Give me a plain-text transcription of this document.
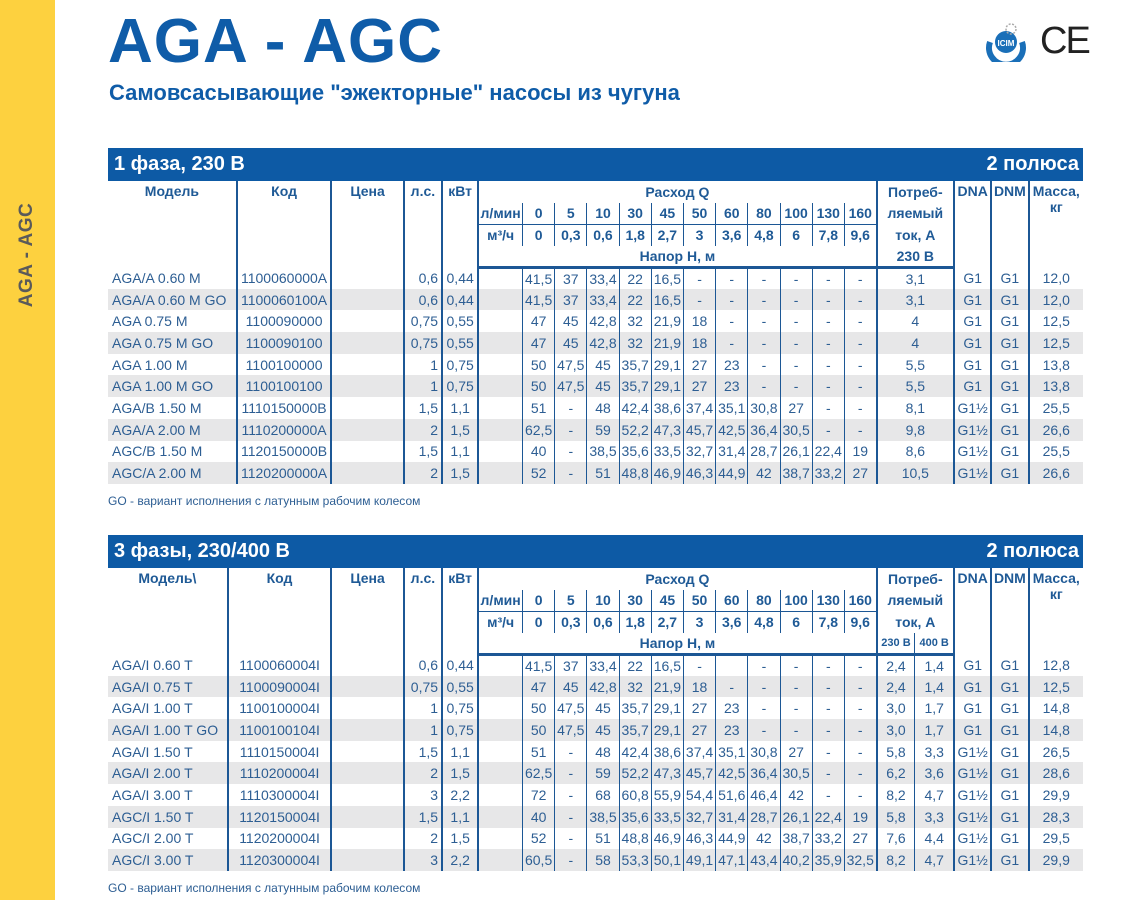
AGA - AGC
AGA - AGC
Самовсасывающие "эжекторные" насосы из чугуна
ICIM CE
1 фаза, 230 В	2 полюса
Модель	Код	Цена	л.с.	кВт	Расход Q												Потреб-	DNA	DNM	Масса,
кг
					л/мин	0	5	10	30	45	50	60	80	100	130	160	ляемый			
					м³/ч	0	0,3	0,6	1,8	2,7	3	3,6	4,8	6	7,8	9,6	ток, А			
					Напор Н, м												230 В			
AGA/A 0.60 M	1100060000A		0,6	0,44		41,5	37	33,4	22	16,5	-	-	-	-	-	-	3,1	G1	G1	12,0
AGA/A 0.60 M GO	1100060100A		0,6	0,44		41,5	37	33,4	22	16,5	-	-	-	-	-	-	3,1	G1	G1	12,0
AGA 0.75 M	1100090000		0,75	0,55		47	45	42,8	32	21,9	18	-	-	-	-	-	4	G1	G1	12,5
AGA 0.75 M GO	1100090100		0,75	0,55		47	45	42,8	32	21,9	18	-	-	-	-	-	4	G1	G1	12,5
AGA 1.00 M	1100100000		1	0,75		50	47,5	45	35,7	29,1	27	23	-	-	-	-	5,5	G1	G1	13,8
AGA 1.00 M GO	1100100100		1	0,75		50	47,5	45	35,7	29,1	27	23	-	-	-	-	5,5	G1	G1	13,8
AGA/B 1.50 M	1110150000B		1,5	1,1		51	-	48	42,4	38,6	37,4	35,1	30,8	27	-	-	8,1	G1½	G1	25,5
AGA/A 2.00 M	1110200000A		2	1,5		62,5	-	59	52,2	47,3	45,7	42,5	36,4	30,5	-	-	9,8	G1½	G1	26,6
AGC/B 1.50 M	1120150000B		1,5	1,1		40	-	38,5	35,6	33,5	32,7	31,4	28,7	26,1	22,4	19	8,6	G1½	G1	25,5
AGC/A 2.00 M	1120200000A		2	1,5		52	-	51	48,8	46,9	46,3	44,9	42	38,7	33,2	27	10,5	G1½	G1	26,6
GO - вариант исполнения с латунным рабочим колесом
3 фазы, 230/400 В	2 полюса
Модель\	Код	Цена	л.с.	кВт	Расход Q												Потреб-		DNA	DNM	Масса,
кг
					л/мин	0	5	10	30	45	50	60	80	100	130	160	ляемый				
					м³/ч	0	0,3	0,6	1,8	2,7	3	3,6	4,8	6	7,8	9,6	ток, А				
					Напор Н, м												230 В	400 В			
AGA/I 0.60 T	1100060004I		0,6	0,44		41,5	37	33,4	22	16,5	-		-	-	-	-	2,4	1,4	G1	G1	12,8
AGA/I 0.75 T	1100090004I		0,75	0,55		47	45	42,8	32	21,9	18	-	-	-	-	-	2,4	1,4	G1	G1	12,5
AGA/I 1.00 T	1100100004I		1	0,75		50	47,5	45	35,7	29,1	27	23	-	-	-	-	3,0	1,7	G1	G1	14,8
AGA/I 1.00 T GO	1100100104I		1	0,75		50	47,5	45	35,7	29,1	27	23	-	-	-	-	3,0	1,7	G1	G1	14,8
AGA/I 1.50 T	1110150004I		1,5	1,1		51	-	48	42,4	38,6	37,4	35,1	30,8	27	-	-	5,8	3,3	G1½	G1	26,5
AGA/I 2.00 T	1110200004I		2	1,5		62,5	-	59	52,2	47,3	45,7	42,5	36,4	30,5	-	-	6,2	3,6	G1½	G1	28,6
AGA/I 3.00 T	1110300004I		3	2,2		72	-	68	60,8	55,9	54,4	51,6	46,4	42	-	-	8,2	4,7	G1½	G1	29,9
AGC/I 1.50 T	1120150004I		1,5	1,1		40	-	38,5	35,6	33,5	32,7	31,4	28,7	26,1	22,4	19	5,8	3,3	G1½	G1	28,3
AGC/I 2.00 T	1120200004I		2	1,5		52	-	51	48,8	46,9	46,3	44,9	42	38,7	33,2	27	7,6	4,4	G1½	G1	29,5
AGC/I 3.00 T	1120300004I		3	2,2		60,5	-	58	53,3	50,1	49,1	47,1	43,4	40,2	35,9	32,5	8,2	4,7	G1½	G1	29,9
GO - вариант исполнения с латунным рабочим колесом
